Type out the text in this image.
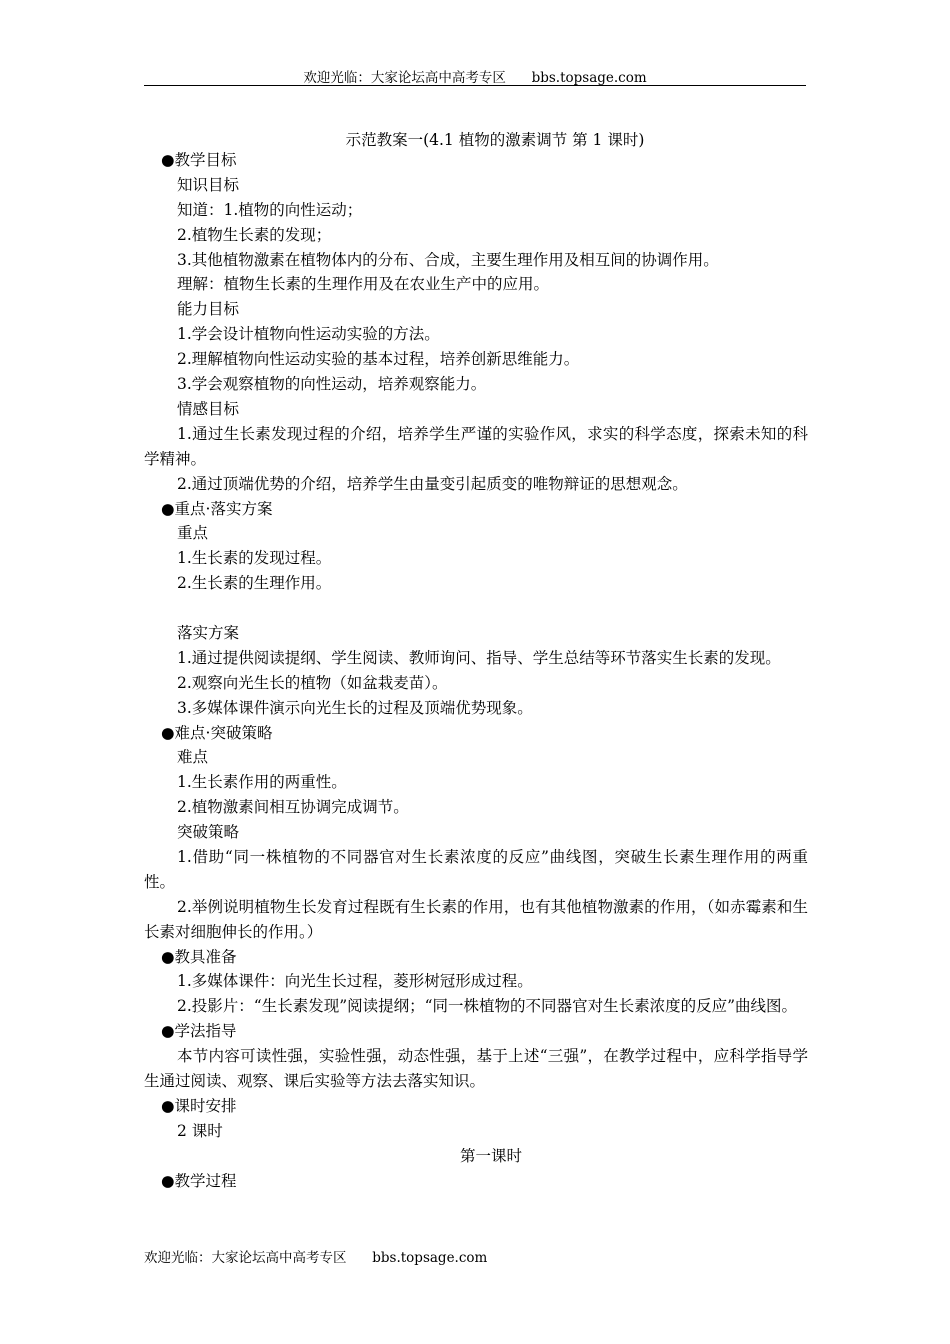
欢迎光临：大家论坛高中高考专区      bbs.topsage.com
示范教案一(4.1 植物的激素调节 第 1 课时)
●教学目标
知识目标
知道：1.植物的向性运动；
2.植物生长素的发现；
3.其他植物激素在植物体内的分布、合成，主要生理作用及相互间的协调作用。
理解：植物生长素的生理作用及在农业生产中的应用。
能力目标
1.学会设计植物向性运动实验的方法。
2.理解植物向性运动实验的基本过程，培养创新思维能力。
3.学会观察植物的向性运动，培养观察能力。
情感目标
1.通过生长素发现过程的介绍，培养学生严谨的实验作风，求实的科学态度，探索未知的科学精神。
2.通过顶端优势的介绍，培养学生由量变引起质变的唯物辩证的思想观念。
●重点·落实方案
重点
1.生长素的发现过程。
2.生长素的生理作用。
落实方案
1.通过提供阅读提纲、学生阅读、教师询问、指导、学生总结等环节落实生长素的发现。
2.观察向光生长的植物（如盆栽麦苗）。
3.多媒体课件演示向光生长的过程及顶端优势现象。
●难点·突破策略
难点
1.生长素作用的两重性。
2.植物激素间相互协调完成调节。
突破策略
1.借助“同一株植物的不同器官对生长素浓度的反应”曲线图，突破生长素生理作用的两重性。
2.举例说明植物生长发育过程既有生长素的作用，也有其他植物激素的作用，（如赤霉素和生长素对细胞伸长的作用。）
●教具准备
1.多媒体课件：向光生长过程，菱形树冠形成过程。
2.投影片：“生长素发现”阅读提纲；“同一株植物的不同器官对生长素浓度的反应”曲线图。
●学法指导
本节内容可读性强，实验性强，动态性强，基于上述“三强”，在教学过程中，应科学指导学生通过阅读、观察、课后实验等方法去落实知识。
●课时安排
2 课时
第一课时
●教学过程
欢迎光临：大家论坛高中高考专区      bbs.topsage.com
